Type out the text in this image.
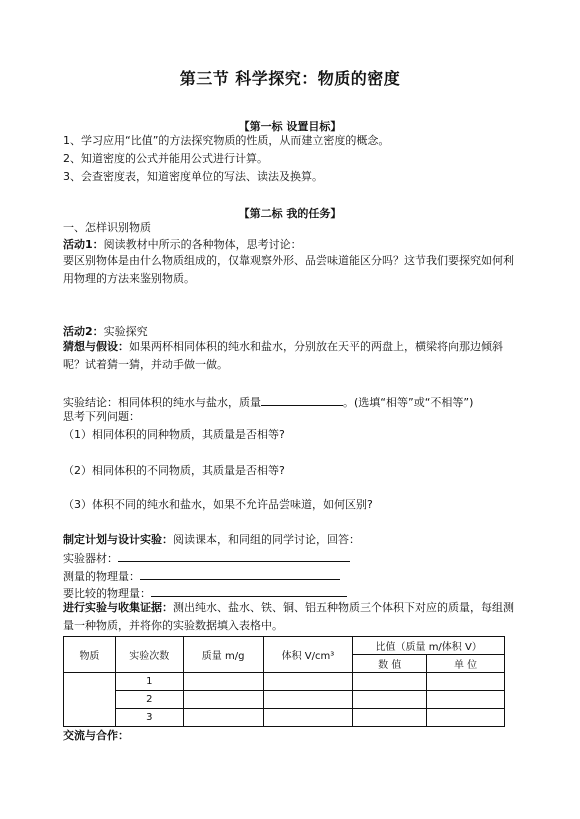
第三节 科学探究：物质的密度
【第一标 设置目标】
1、学习应用“比值”的方法探究物质的性质，从而建立密度的概念。
2、知道密度的公式并能用公式进行计算。
3、会查密度表，知道密度单位的写法、读法及换算。
【第二标 我的任务】
一、怎样识别物质
活动1：阅读教材中所示的各种物体，思考讨论：
要区别物体是由什么物质组成的，仅靠观察外形、品尝味道能区分吗？这节我们要探究如何利用物理的方法来鉴别物质。
活动2：实验探究
猜想与假设：如果两杯相同体积的纯水和盐水，分别放在天平的两盘上，横梁将向那边倾斜呢？试着猜一猜，并动手做一做。
实验结论：相同体积的纯水与盐水，质量	。(选填“相等”或“不相等”)
思考下列问题：
（1）相同体积的同种物质，其质量是否相等?
（2）相同体积的不同物质，其质量是否相等?
（3）体积不同的纯水和盐水，如果不允许品尝味道，如何区别?
制定计划与设计实验：阅读课本，和同组的同学讨论，回答：
实验器材：
测量的物理量：
要比较的物理量：
进行实验与收集证据：测出纯水、盐水、铁、铜、铝五种物质三个体积下对应的质量，每组测量一种物质，并将你的实验数据填入表格中。
物质	实验次数	质量 m/g	体积 V/cm³	比值（质量 m/体积 V）	
				数 值	单 位
	1				
	2				
	3				
交流与合作：
